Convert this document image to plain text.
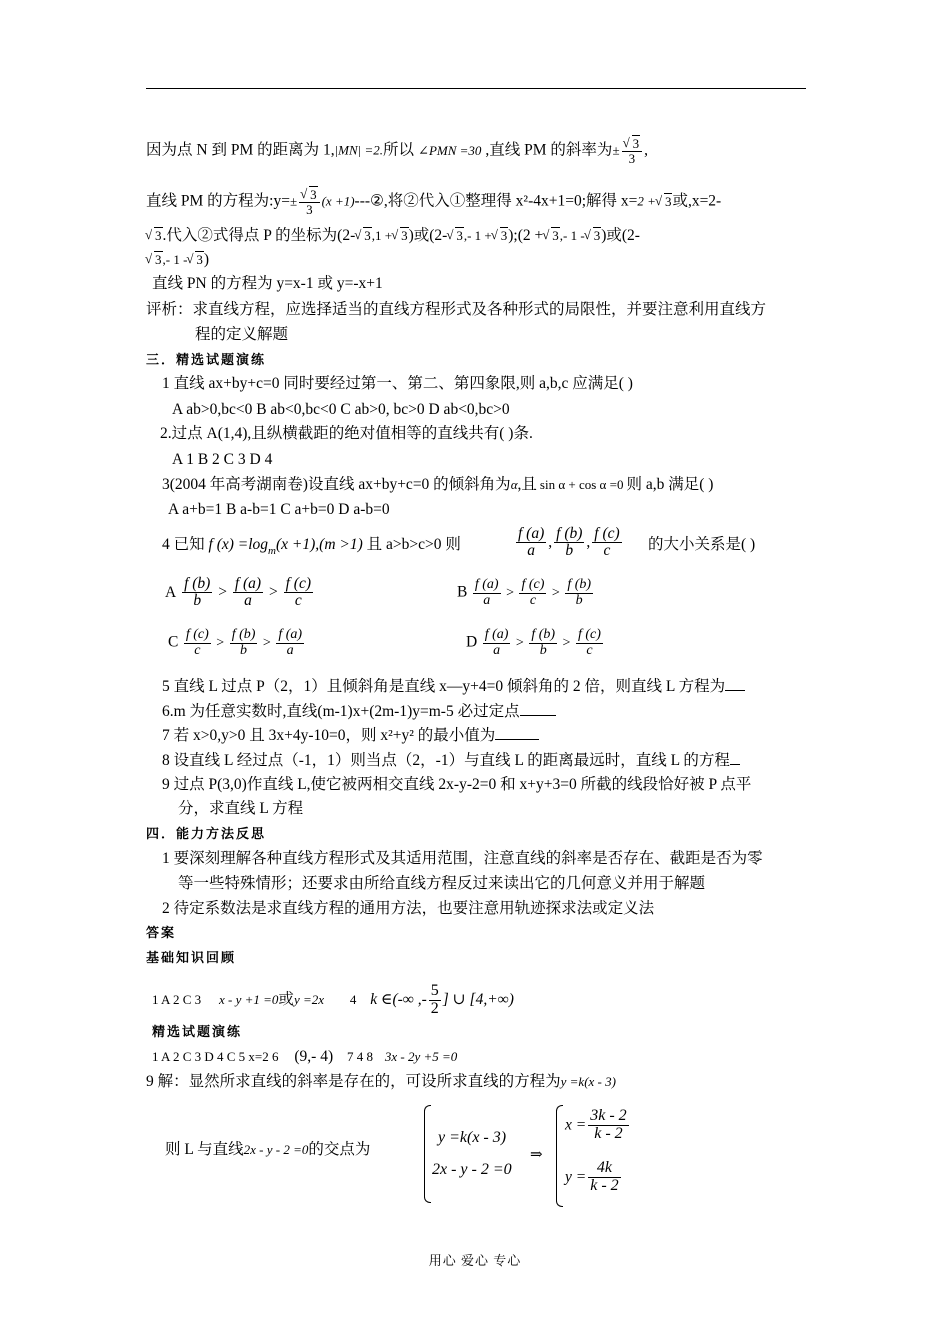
因为点 N 到 PM 的距离为 1,|MN| =2.所以 ∠PMN =30 ,直线 PM 的斜率为± √ $\frac{3}{3}$ ,
直线 PM 的方程为:y=± √ $\frac{3}{3} (x$ +1)---②,将②代入①整理得 x²-4x+1=0;解得 x=2 + √ 3或,x=2-
√ 3.代入②式得点 P 的坐标为(2- √ 3,1 + √ 3)或(2- √ 3,- 1 + √ 3);(2 + √ 3,- 1 - √ 3)或(2-
√ 3,- 1 - √ 3)
直线 PN 的方程为 y=x-1 或 y=-x+1
评析：求直线方程，应选择适当的直线方程形式及各种形式的局限性，并要注意利用直线方
程的定义解题
三．精选试题演练
1 直线 ax+by+c=0 同时要经过第一、第二、第四象限,则 a,b,c 应满足( )
A ab>0,bc<0 B ab<0,bc<0 C ab>0, bc>0 D ab<0,bc>0
2.过点 A(1,4),且纵横截距的绝对值相等的直线共有( )条.
A 1 B 2 C 3 D 4
3(2004 年高考湖南卷)设直线 ax+by+c=0 的倾斜角为α,且 sin α + cos α =0 则 a,b 满足( )
A a+b=1 B a-b=1 C a+b=0 D a-b=0
4 已知 f $(x) =\log_m(x +1),(m >1)$ 且 a>b>c>0 则	$\frac{f (a)}{a}$ , $\frac{f (b)}{b}$ , $\frac{f (c)}{c}$ 的大小关系是( )
A $\frac{f (b)}{b} > \frac{f (a)}{a} > \frac{f (c)}{c}$	B $\frac{f (a)}{a} > \frac{f (c)}{c} > \frac{f (b)}{b}$
C $\frac{f (c)}{c} > \frac{f (b)}{b} > \frac{f (a)}{a}$	D $\frac{f (a)}{a} > \frac{f (b)}{b} > \frac{f (c)}{c}$
5 直线 L 过点 P（2，1）且倾斜角是直线 x—y+4=0 倾斜角的 2 倍，则直线 L 方程为
6.m 为任意实数时,直线(m-1)x+(2m-1)y=m-5 必过定点
7 若 x>0,y>0 且 3x+4y-10=0，则 x²+y² 的最小值为
8 设直线 L 经过点（-1，1）则当点（2，-1）与直线 L 的距离最远时，直线 L 的方程
9 过点 P(3,0)作直线 L,使它被两相交直线 2x-y-2=0 和 x+y+3=0 所截的线段恰好被 P 点平
分，求直线 L 方程
四．能力方法反思
1 要深刻理解各种直线方程形式及其适用范围，注意直线的斜率是否存在、截距是否为零
等一些特殊情形；还要求由所给直线方程反过来读出它的几何意义并用于解题
2 待定系数法是求直线方程的通用方法，也要注意用轨迹探求法或定义法
答案
基础知识回顾
1 A 2 C 3 x - y +1 =0或y =2x 4 k ∈(-∞ ,- $\frac{5}{2}$ ] ∪ [4,+∞)
精选试题演练
1 A 2 C 3 D 4 C 5 x=2 6 (9,- 4) 7 4 8 3x - 2y +5 =0
9 解：显然所求直线的斜率是存在的，可设所求直线的方程为y =k(x - 3)
则 L 与直线2x - y - 2 =0的交点为
y =k(x - 3)
2x - y - 2 =0
⇒
$x = \frac{3k - 2}{k - 2}$
$y = \frac{4k}{k - 2}$
用心 爱心 专心
